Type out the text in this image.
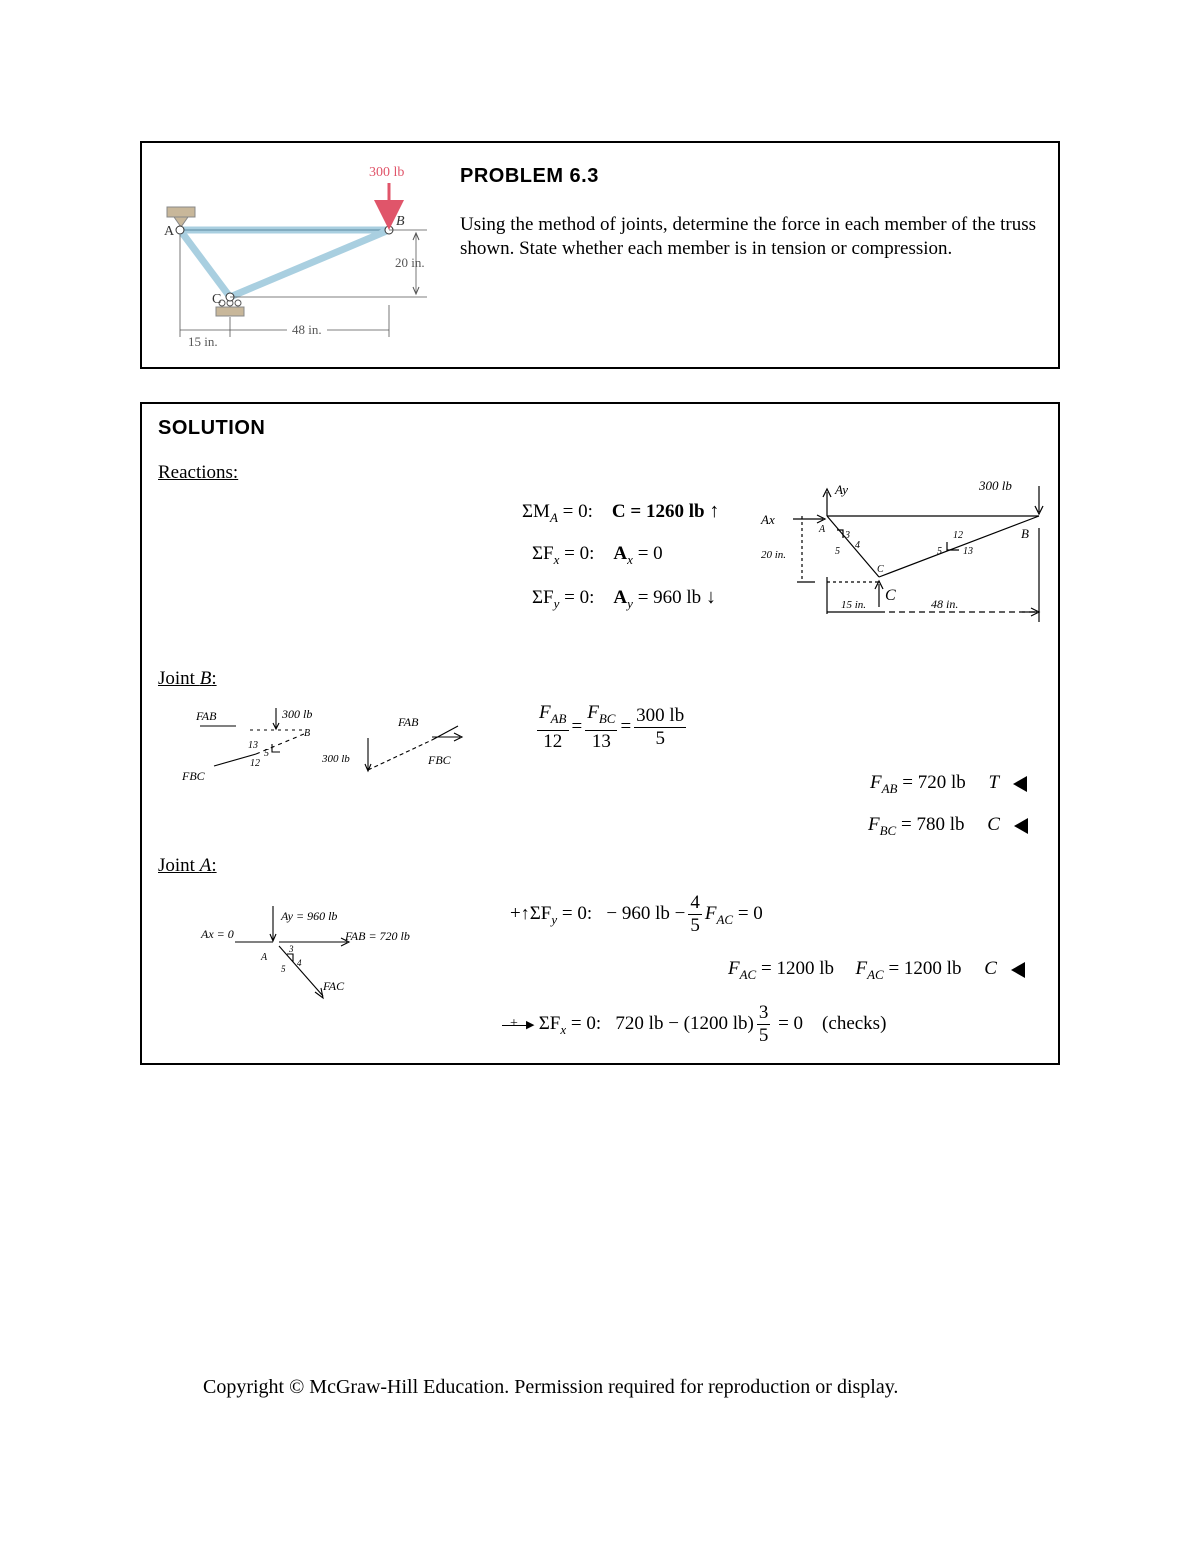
300 lb
A
B
C
20 in.
48 in.
15 in.
PROBLEM 6.3
Using the method of joints, determine the force in each member of the truss shown. State whether each member is in tension or compression.
SOLUTION
Reactions:
$\Sigma M_A = 0$:    C = 1260 lb ↑
$\Sigma F_x = 0$:    $A_x = 0$
$\Sigma F_y = 0$:    $A_y = 960$ lb ↓
Ay
Ax
300 lb
A	B
C
C
20 in.
15 in.	48 in.
3
4
5
12
13
5
Joint B:
FAB	300 lb
B
13
5
12
FBC
300 lb
FAB
FBC
$\frac{F_{AB}}{12} = \frac{F_{BC}}{13} = \frac{300 lb}{5}$
$F_{AB} = 720$ lb T
$F_{BC} = 780$ lb C
Joint A:
Ay = 960 lb
Ax = 0	FAB = 720 lb
A
3
4
5
FAC
$+↑\Sigma F_y = 0$:   − 960 lb − $\frac{4}{5} F_{AC} = 0$
$F_{AC} = 1200$ lb $F_{AC} = 1200$ lb C
+ ▶ $\Sigma F_x = 0$:   720 lb − (1200 $lb) \frac{3}{5} = 0$    (checks)
Copyright © McGraw-Hill Education. Permission required for reproduction or display.
